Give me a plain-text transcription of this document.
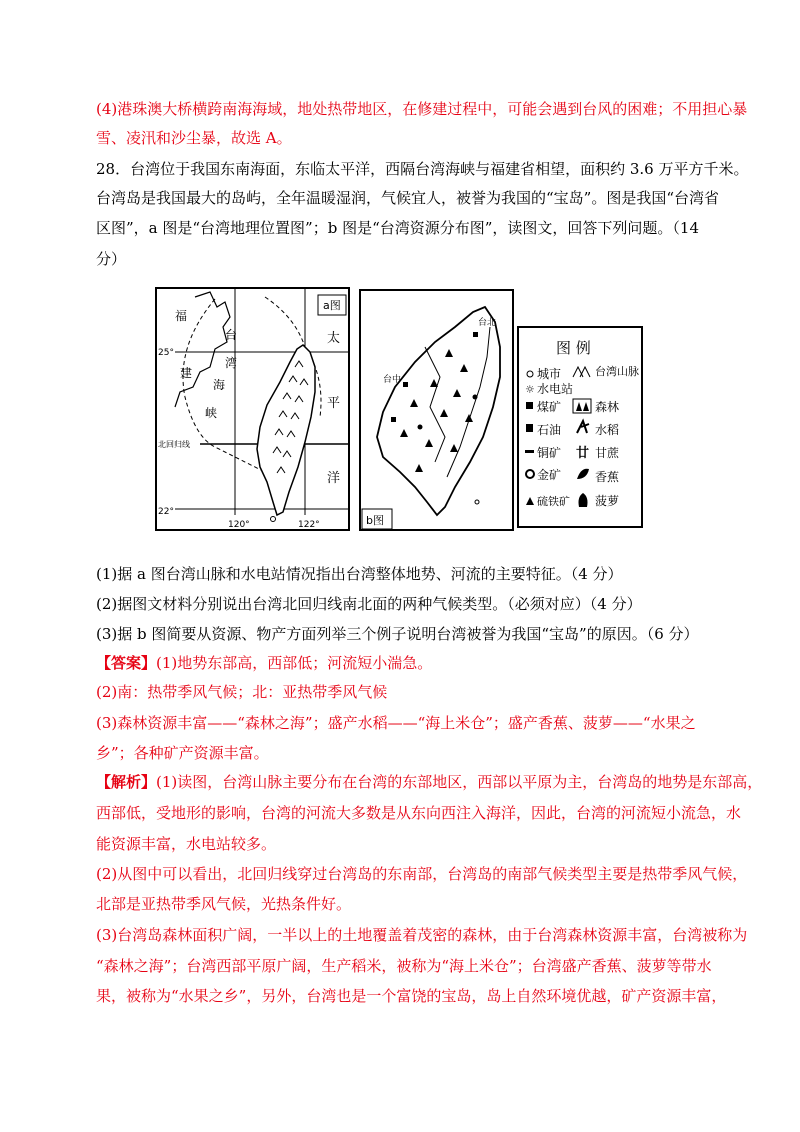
(4)港珠澳大桥横跨南海海域，地处热带地区，在修建过程中，可能会遇到台风的困难；不用担心暴
雪、凌汛和沙尘暴，故选 A。
28．台湾位于我国东南海面，东临太平洋，西隔台湾海峡与福建省相望，面积约 3.6 万平方千米。
台湾岛是我国最大的岛屿，全年温暖湿润，气候宜人，被誉为我国的“宝岛”。图是我国“台湾省
区图”，a 图是“台湾地理位置图”；b 图是“台湾资源分布图”，读图文，回答下列问题。（14
分）
a图
福
建
台
湾
海
峡
太
平
洋
25°
22°
北回归线
120°	122°
台北
台中
b图
图 例
城市	台湾山脉
☼ 水电站
煤矿	森林
石油	水稻
铜矿 廿 甘蔗
金矿	香蕉
硫铁矿 菠萝
(1)据 a 图台湾山脉和水电站情况指出台湾整体地势、河流的主要特征。（4 分）
(2)据图文材料分别说出台湾北回归线南北面的两种气候类型。（必须对应）（4 分）
(3)据 b 图简要从资源、物产方面列举三个例子说明台湾被誉为我国“宝岛”的原因。（6 分）
【答案】(1)地势东部高，西部低；河流短小湍急。
(2)南：热带季风气候；北：亚热带季风气候
(3)森林资源丰富——“森林之海”；盛产水稻——“海上米仓”；盛产香蕉、菠萝——“水果之
乡”；各种矿产资源丰富。
【解析】(1)读图，台湾山脉主要分布在台湾的东部地区，西部以平原为主，台湾岛的地势是东部高，
西部低，受地形的影响，台湾的河流大多数是从东向西注入海洋，因此，台湾的河流短小流急，水
能资源丰富，水电站较多。
(2)从图中可以看出，北回归线穿过台湾岛的东南部，台湾岛的南部气候类型主要是热带季风气候，
北部是亚热带季风气候，光热条件好。
(3)台湾岛森林面积广阔，一半以上的土地覆盖着茂密的森林，由于台湾森林资源丰富，台湾被称为
“森林之海”；台湾西部平原广阔，生产稻米，被称为“海上米仓”；台湾盛产香蕉、菠萝等带水
果，被称为“水果之乡”，另外，台湾也是一个富饶的宝岛，岛上自然环境优越，矿产资源丰富，
